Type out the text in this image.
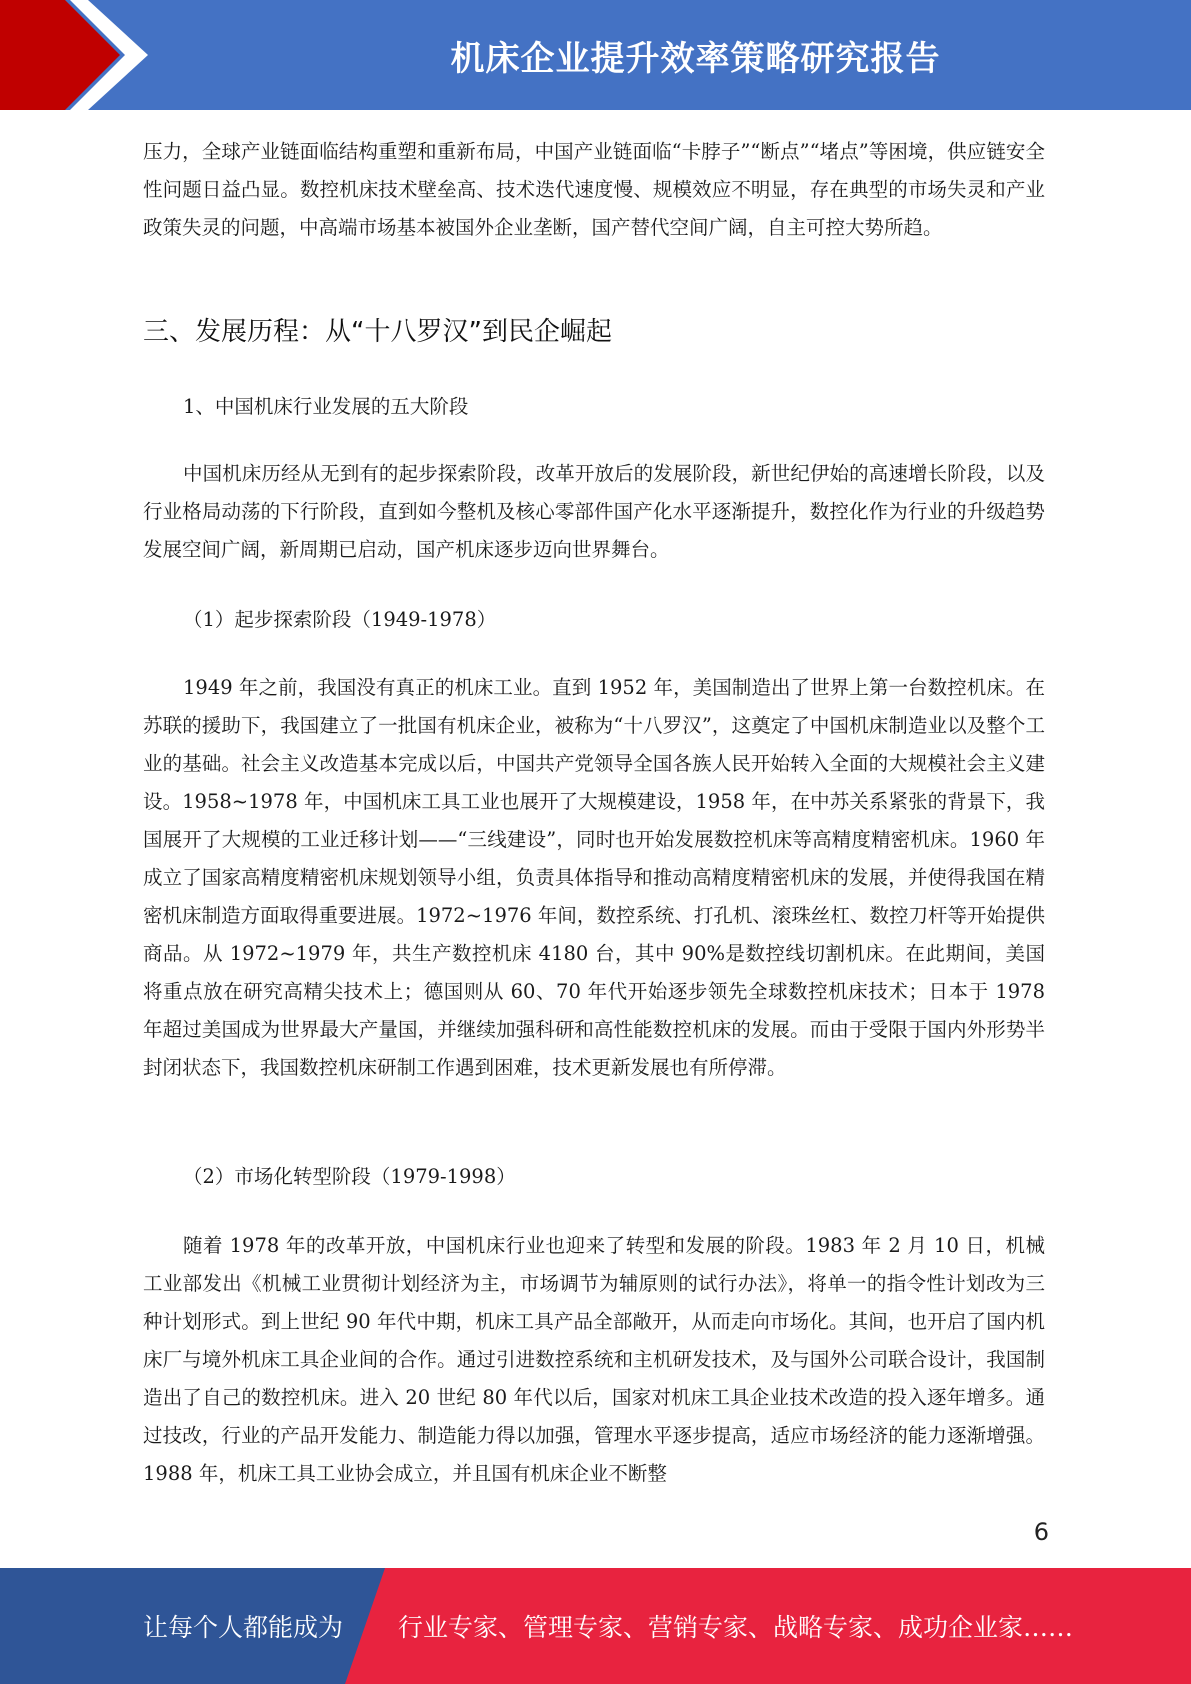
机床企业提升效率策略研究报告
压力，全球产业链面临结构重塑和重新布局，中国产业链面临“卡脖子”“断点”“堵点”等困境，供应链安全性问题日益凸显。数控机床技术壁垒高、技术迭代速度慢、规模效应不明显，存在典型的市场失灵和产业政策失灵的问题，中高端市场基本被国外企业垄断，国产替代空间广阔，自主可控大势所趋。
三、发展历程：从“十八罗汉”到民企崛起
1、中国机床行业发展的五大阶段
中国机床历经从无到有的起步探索阶段，改革开放后的发展阶段，新世纪伊始的高速增长阶段，以及行业格局动荡的下行阶段，直到如今整机及核心零部件国产化水平逐渐提升，数控化作为行业的升级趋势发展空间广阔，新周期已启动，国产机床逐步迈向世界舞台。
（1）起步探索阶段（1949-1978）
1949 年之前，我国没有真正的机床工业。直到 1952 年，美国制造出了世界上第一台数控机床。在苏联的援助下，我国建立了一批国有机床企业，被称为“十八罗汉”，这奠定了中国机床制造业以及整个工业的基础。社会主义改造基本完成以后，中国共产党领导全国各族人民开始转入全面的大规模社会主义建设。1958~1978 年，中国机床工具工业也展开了大规模建设，1958 年，在中苏关系紧张的背景下，我国展开了大规模的工业迁移计划——“三线建设”，同时也开始发展数控机床等高精度精密机床。1960 年成立了国家高精度精密机床规划领导小组，负责具体指导和推动高精度精密机床的发展，并使得我国在精密机床制造方面取得重要进展。1972~1976 年间，数控系统、打孔机、滚珠丝杠、数控刀杆等开始提供商品。从 1972~1979 年，共生产数控机床 4180 台，其中 90%是数控线切割机床。在此期间，美国将重点放在研究高精尖技术上；德国则从 60、70 年代开始逐步领先全球数控机床技术；日本于 1978 年超过美国成为世界最大产量国，并继续加强科研和高性能数控机床的发展。而由于受限于国内外形势半封闭状态下，我国数控机床研制工作遇到困难，技术更新发展也有所停滞。
（2）市场化转型阶段（1979-1998）
随着 1978 年的改革开放，中国机床行业也迎来了转型和发展的阶段。1983 年 2 月 10 日，机械工业部发出《机械工业贯彻计划经济为主，市场调节为辅原则的试行办法》，将单一的指令性计划改为三种计划形式。到上世纪 90 年代中期，机床工具产品全部敞开，从而走向市场化。其间，也开启了国内机床厂与境外机床工具企业间的合作。通过引进数控系统和主机研发技术，及与国外公司联合设计，我国制造出了自己的数控机床。进入 20 世纪 80 年代以后，国家对机床工具企业技术改造的投入逐年增多。通过技改，行业的产品开发能力、制造能力得以加强，管理水平逐步提高，适应市场经济的能力逐渐增强。1988 年，机床工具工业协会成立，并且国有机床企业不断整
6
让每个人都能成为 行业专家、管理专家、营销专家、战略专家、成功企业家……
